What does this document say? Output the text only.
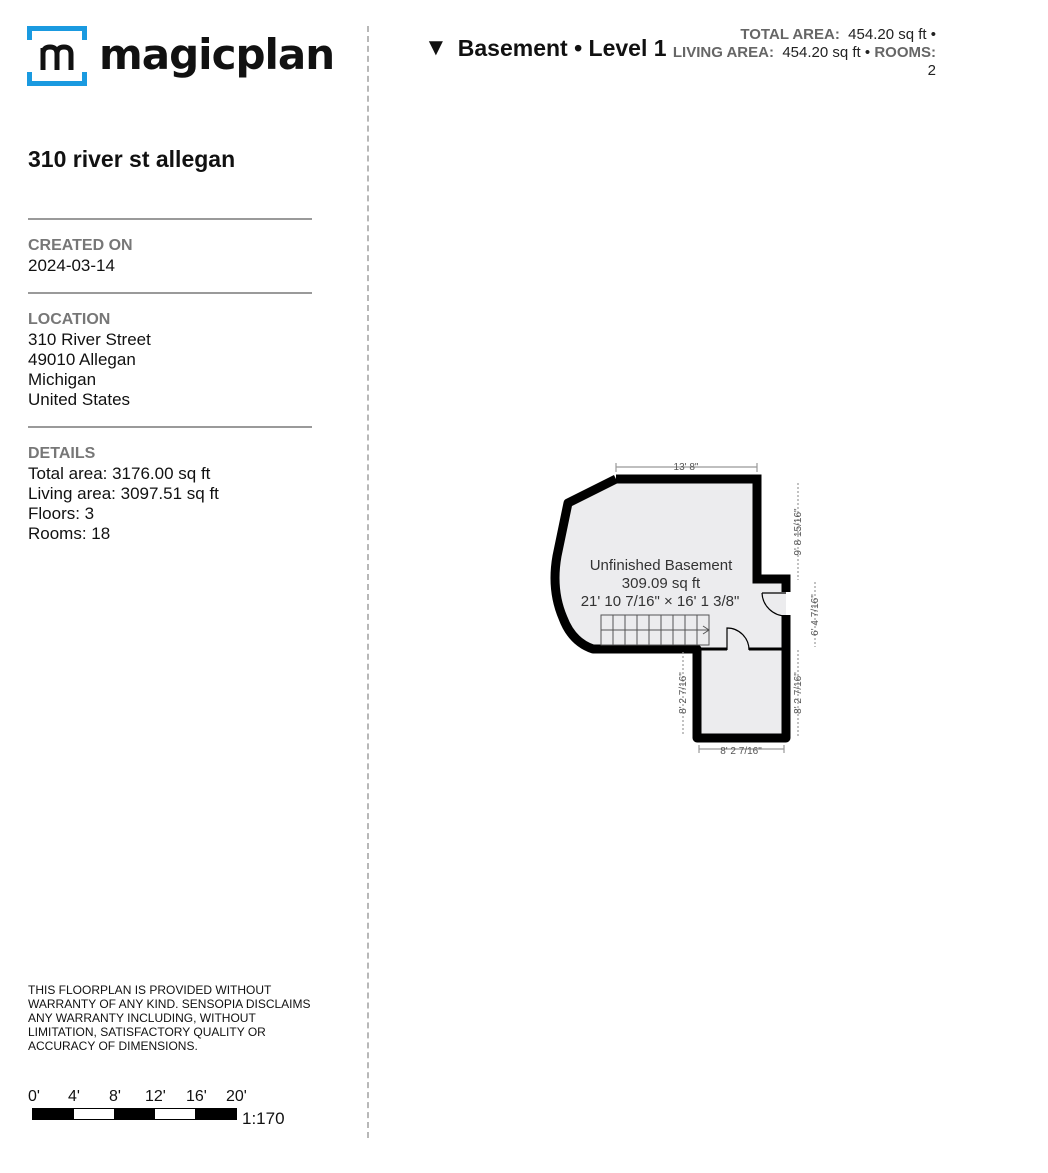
magicplan
310 river st allegan
CREATED ON
2024-03-14
LOCATION
310 River Street
49010 Allegan
Michigan
United States
DETAILS
Total area: 3176.00 sq ft
Living area: 3097.51 sq ft
Floors: 3
Rooms: 18
THIS FLOORPLAN IS PROVIDED WITHOUT WARRANTY OF ANY KIND. SENSOPIA DISCLAIMS ANY WARRANTY INCLUDING, WITHOUT LIMITATION, SATISFACTORY QUALITY OR ACCURACY OF DIMENSIONS.
0' 4' 8' 12' 16' 20'
1:170
▼ Basement • Level 1	TOTAL AREA: 454.20 sq ft •
LIVING AREA: 454.20 sq ft • ROOMS:
2
13' 8"
9' 8 15/16"
6' 4 7/16"
8' 2 7/16"
8' 2 7/16"
8' 2 7/16"
Unfinished Basement
309.09 sq ft
21' 10 7/16" × 16' 1 3/8"
